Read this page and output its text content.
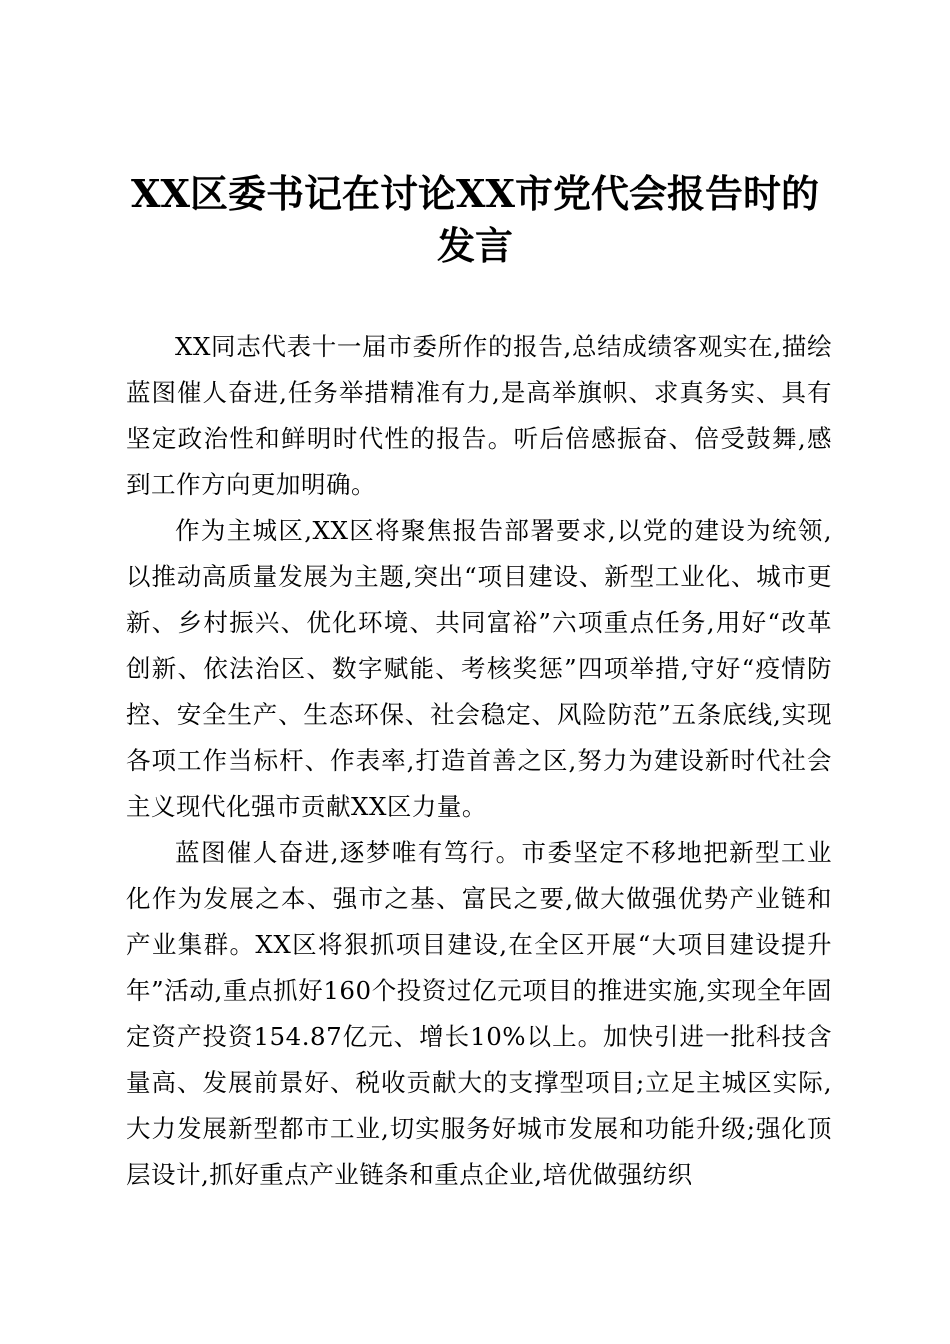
XX区委书记在讨论XX市党代会报告时的发言

XX同志代表十一届市委所作的报告,总结成绩客观实在,描绘蓝图催人奋进,任务举措精准有力,是高举旗帜、求真务实、具有坚定政治性和鲜明时代性的报告。听后倍感振奋、倍受鼓舞,感到工作方向更加明确。

作为主城区,XX区将聚焦报告部署要求,以党的建设为统领,以推动高质量发展为主题,突出“项目建设、新型工业化、城市更新、乡村振兴、优化环境、共同富裕”六项重点任务,用好“改革创新、依法治区、数字赋能、考核奖惩”四项举措,守好“疫情防控、安全生产、生态环保、社会稳定、风险防范”五条底线,实现各项工作当标杆、作表率,打造首善之区,努力为建设新时代社会主义现代化强市贡献XX区力量。

蓝图催人奋进,逐梦唯有笃行。市委坚定不移地把新型工业化作为发展之本、强市之基、富民之要,做大做强优势产业链和产业集群。XX区将狠抓项目建设,在全区开展“大项目建设提升年”活动,重点抓好160个投资过亿元项目的推进实施,实现全年固定资产投资154.87亿元、增长10%以上。加快引进一批科技含量高、发展前景好、税收贡献大的支撑型项目;立足主城区实际,大力发展新型都市工业,切实服务好城市发展和功能升级;强化顶层设计,抓好重点产业链条和重点企业,培优做强纺织
